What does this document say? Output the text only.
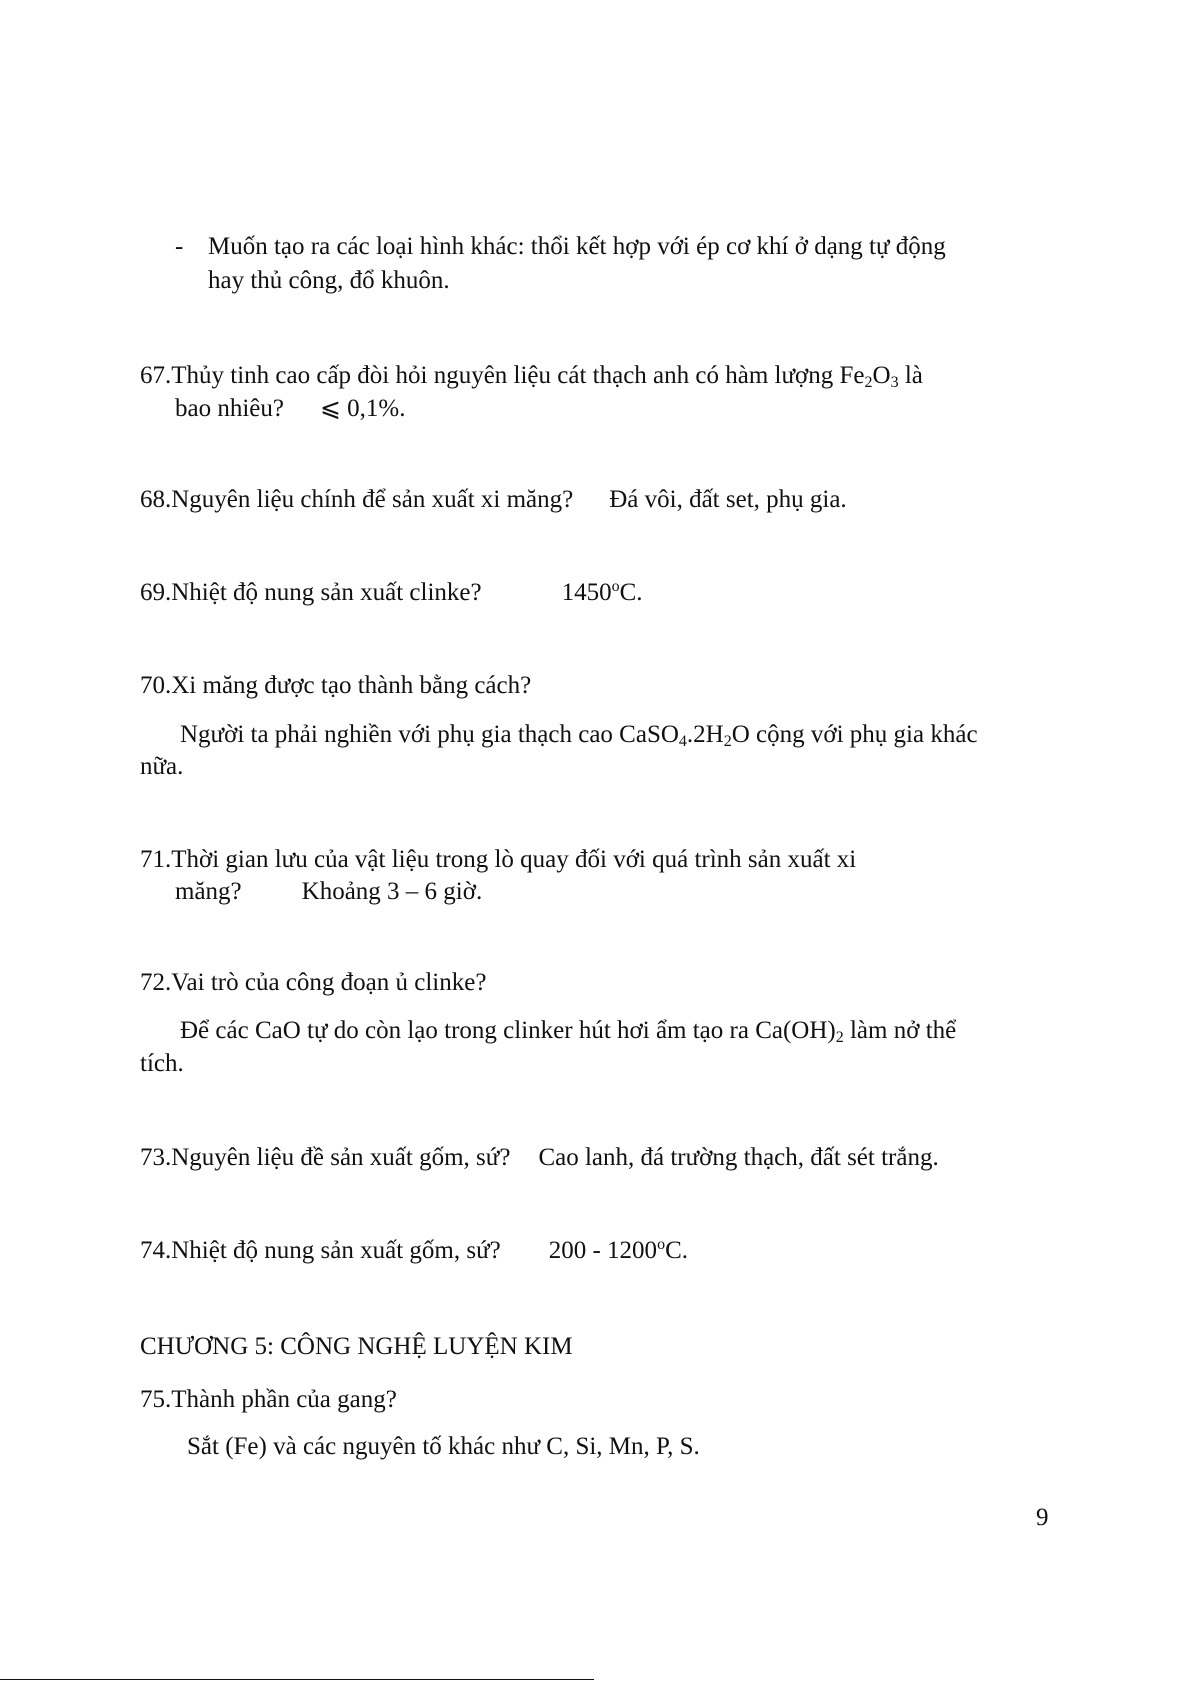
- Muốn tạo ra các loại hình khác: thổi kết hợp với ép cơ khí ở dạng tự động
hay thủ công, đổ khuôn.
67.Thủy tinh cao cấp đòi hỏi nguyên liệu cát thạch anh có hàm lượng $Fe_2O_3$ là
bao nhiêu? ⩽ 0,1%.
68.Nguyên liệu chính để sản xuất xi măng? Đá vôi, đất set, phụ gia.
69.Nhiệt độ nung sản xuất clinke?	1450$^o$C.
70.Xi măng được tạo thành bằng cách?
Người ta phải nghiền với phụ gia thạch cao $CaSO_4.2H_2O$ cộng với phụ gia khác
nữa.
71.Thời gian lưu của vật liệu trong lò quay đối với quá trình sản xuất xi
măng? Khoảng 3 – 6 giờ.
72.Vai trò của công đoạn ủ clinke?
Để các CaO tự do còn lạo trong clinker hút hơi ẩm tạo ra $Ca(OH)_2$ làm nở thể
tích.
73.Nguyên liệu đề sản xuất gốm, sứ? Cao lanh, đá trường thạch, đất sét trắng.
74.Nhiệt độ nung sản xuất gốm, sứ? 200 - 1200$^o$C.
CHƯƠNG 5: CÔNG NGHỆ LUYỆN KIM
75.Thành phần của gang?
Sắt (Fe) và các nguyên tố khác như C, Si, Mn, P, S.
9
